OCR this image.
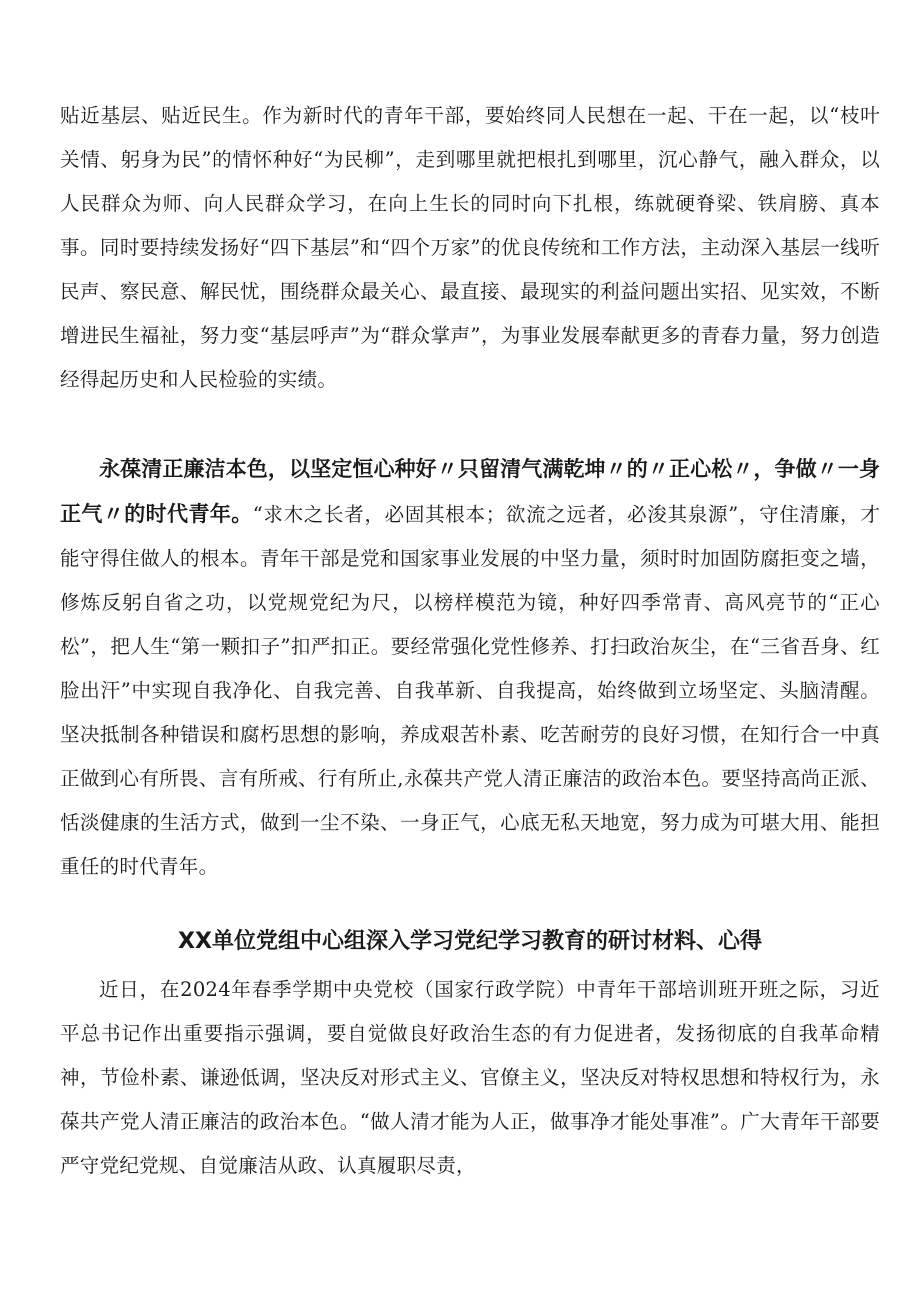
贴近基层、贴近民生。作为新时代的青年干部，要始终同人民想在一起、干在一起，以“枝叶关情、躬身为民”的情怀种好“为民柳”，走到哪里就把根扎到哪里，沉心静气，融入群众，以人民群众为师、向人民群众学习，在向上生长的同时向下扎根，练就硬脊梁、铁肩膀、真本事。同时要持续发扬好“四下基层”和“四个万家”的优良传统和工作方法，主动深入基层一线听民声、察民意、解民忧，围绕群众最关心、最直接、最现实的利益问题出实招、见实效，不断增进民生福祉，努力变“基层呼声”为“群众掌声”，为事业发展奉献更多的青春力量，努力创造经得起历史和人民检验的实绩。

永葆清正廉洁本色，以坚定恒心种好〃只留清气满乾坤〃的〃正心松〃，争做〃一身正气〃的时代青年。“求木之长者，必固其根本；欲流之远者，必浚其泉源”，守住清廉，才能守得住做人的根本。青年干部是党和国家事业发展的中坚力量，须时时加固防腐拒变之墙，修炼反躬自省之功，以党规党纪为尺，以榜样模范为镜，种好四季常青、高风亮节的“正心松”，把人生“第一颗扣子”扣严扣正。要经常强化党性修养、打扫政治灰尘，在“三省吾身、红脸出汗”中实现自我净化、自我完善、自我革新、自我提高，始终做到立场坚定、头脑清醒。坚决抵制各种错误和腐朽思想的影响，养成艰苦朴素、吃苦耐劳的良好习惯，在知行合一中真正做到心有所畏、言有所戒、行有所止,永葆共产党人清正廉洁的政治本色。要坚持高尚正派、恬淡健康的生活方式，做到一尘不染、一身正气，心底无私天地宽，努力成为可堪大用、能担重任的时代青年。

XX单位党组中心组深入学习党纪学习教育的研讨材料、心得

近日，在2024年春季学期中央党校（国家行政学院）中青年干部培训班开班之际，习近平总书记作出重要指示强调，要自觉做良好政治生态的有力促进者，发扬彻底的自我革命精神，节俭朴素、谦逊低调，坚决反对形式主义、官僚主义，坚决反对特权思想和特权行为，永葆共产党人清正廉洁的政治本色。“做人清才能为人正，做事净才能处事准”。广大青年干部要严守党纪党规、自觉廉洁从政、认真履职尽责，
